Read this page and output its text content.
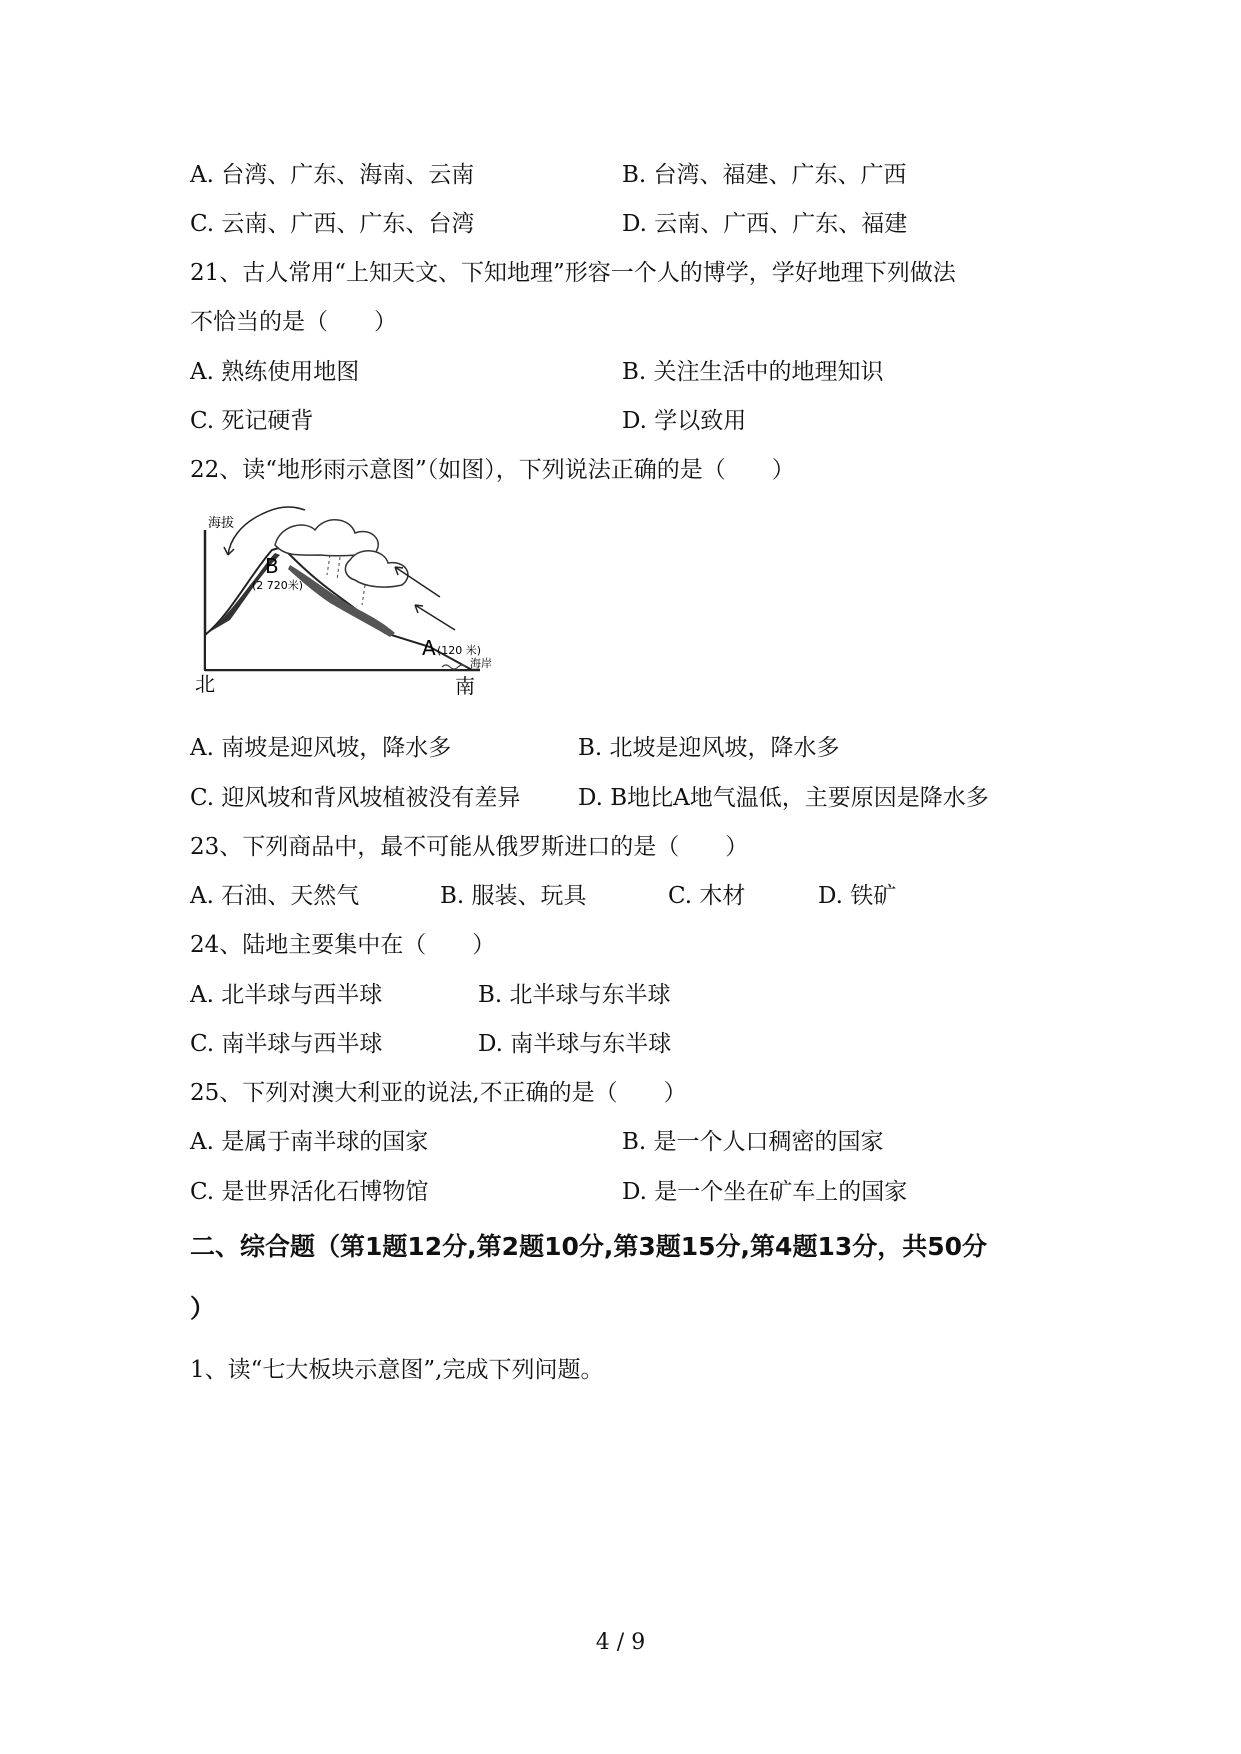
A. 台湾、广东、海南、云南	B. 台湾、福建、广东、广西
C. 云南、广西、广东、台湾	D. 云南、广西、广东、福建
21、古人常用“上知天文、下知地理”形容一个人的博学，学好地理下列做法
不恰当的是（　　）
A. 熟练使用地图	B. 关注生活中的地理知识
C. 死记硬背	D. 学以致用
22、读“地形雨示意图”（如图），下列说法正确的是（　　）
海拔
B
(2 720米)
A (120 米)
海岸
北	南
A. 南坡是迎风坡，降水多	B. 北坡是迎风坡，降水多
C. 迎风坡和背风坡植被没有差异	D. B地比A地气温低，主要原因是降水多
23、下列商品中，最不可能从俄罗斯进口的是（　　）
A. 石油、天然气	B. 服装、玩具	C. 木材	D. 铁矿
24、陆地主要集中在（　　）
A. 北半球与西半球	B. 北半球与东半球
C. 南半球与西半球	D. 南半球与东半球
25、下列对澳大利亚的说法,不正确的是（　　）
A. 是属于南半球的国家	B. 是一个人口稠密的国家
C. 是世界活化石博物馆	D. 是一个坐在矿车上的国家
二、综合题（第1题12分,第2题10分,第3题15分,第4题13分，共50分
）
1、读“七大板块示意图”,完成下列问题。
4 / 9
